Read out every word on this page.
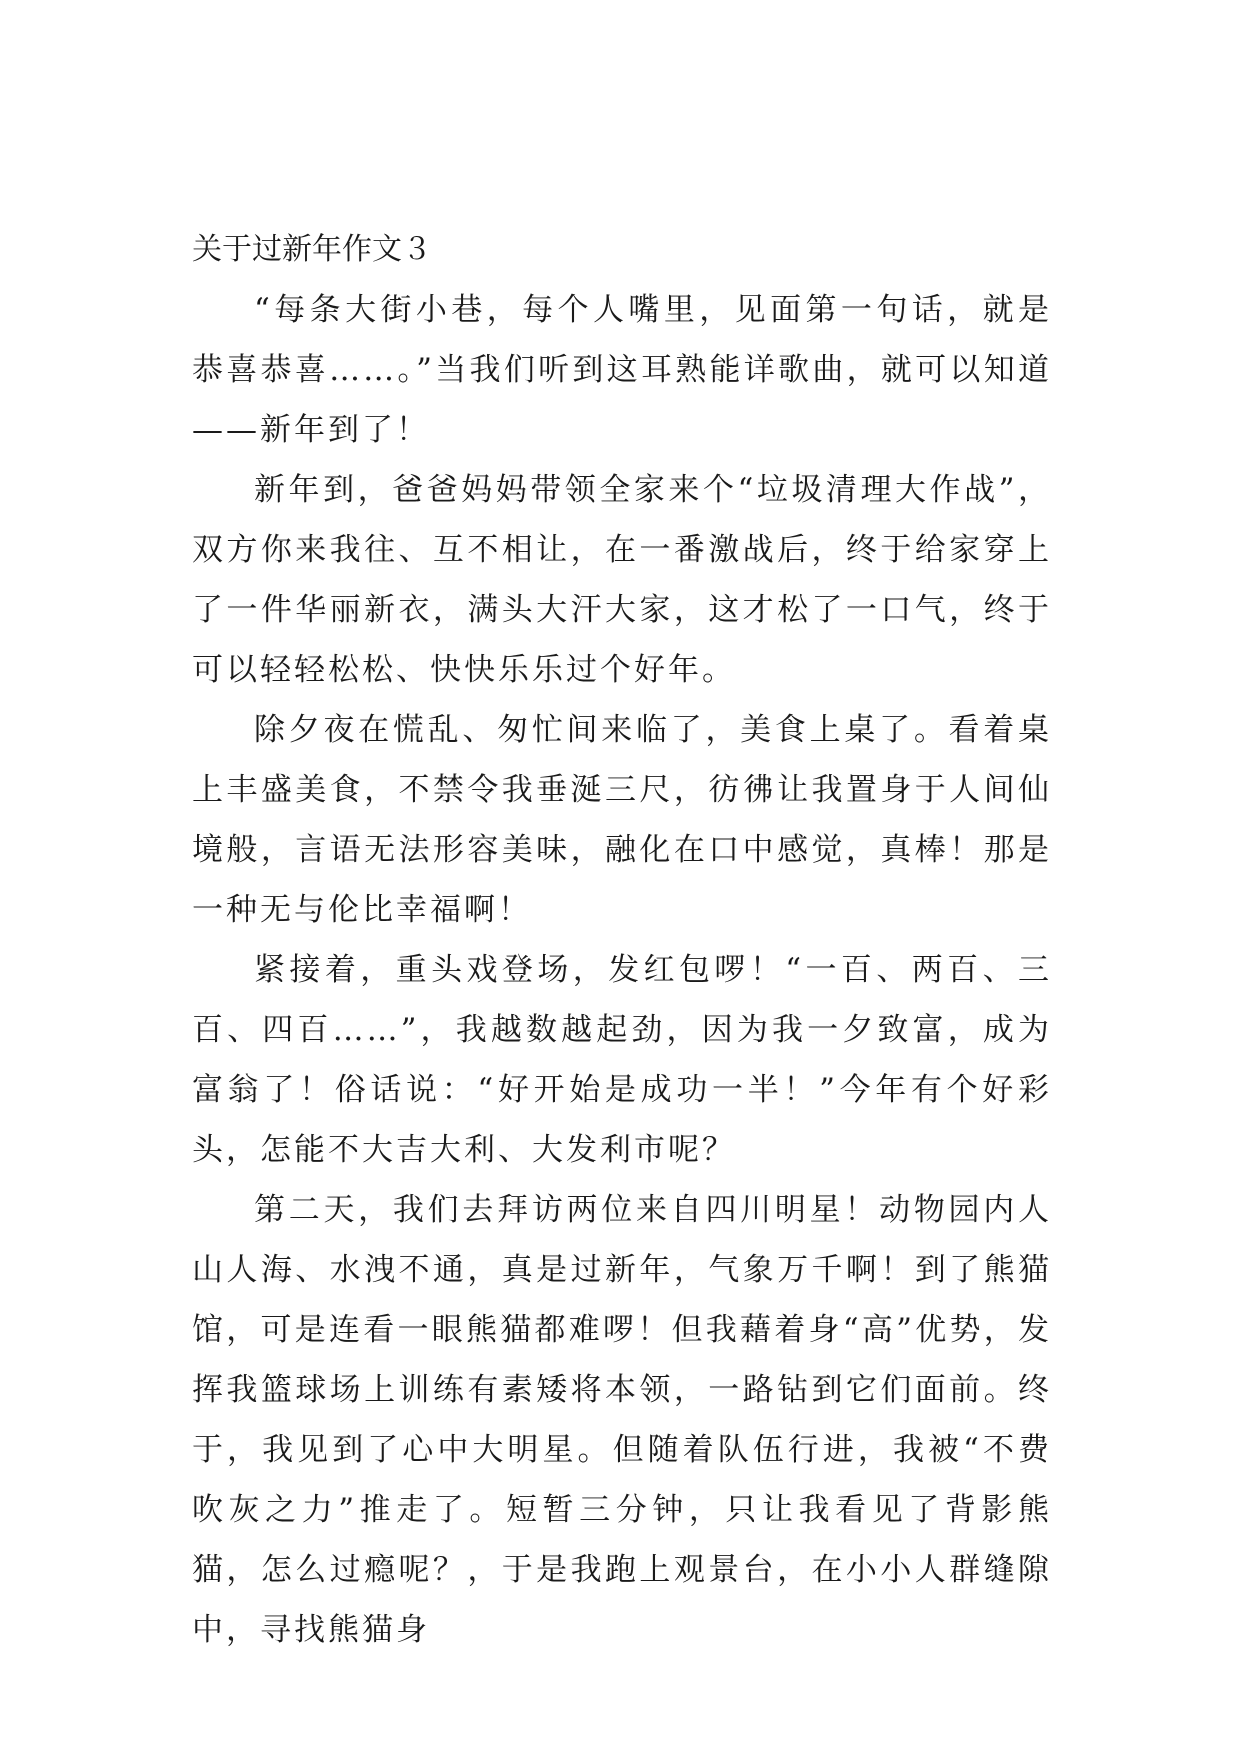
关于过新年作文３

“每条大街小巷，每个人嘴里，见面第一句话，就是恭喜恭喜……。”当我们听到这耳熟能详歌曲，就可以知道——新年到了！

新年到，爸爸妈妈带领全家来个“垃圾清理大作战”，双方你来我往、互不相让，在一番激战后，终于给家穿上了一件华丽新衣，满头大汗大家，这才松了一口气，终于可以轻轻松松、快快乐乐过个好年。

除夕夜在慌乱、匆忙间来临了，美食上桌了。看着桌上丰盛美食，不禁令我垂涎三尺，彷彿让我置身于人间仙境般，言语无法形容美味，融化在口中感觉，真棒！那是一种无与伦比幸福啊！

紧接着，重头戏登场，发红包啰！“一百、两百、三百、四百……”，我越数越起劲，因为我一夕致富，成为富翁了！俗话说：“好开始是成功一半！”今年有个好彩头，怎能不大吉大利、大发利市呢？

第二天，我们去拜访两位来自四川明星！动物园内人山人海、水洩不通，真是过新年，气象万千啊！到了熊猫馆，可是连看一眼熊猫都难啰！但我藉着身“高”优势，发挥我篮球场上训练有素矮将本领，一路钻到它们面前。终于，我见到了心中大明星。但随着队伍行进，我被“不费吹灰之力”推走了。短暂三分钟，只让我看见了背影熊猫，怎么过瘾呢？，于是我跑上观景台，在小小人群缝隙中，寻找熊猫身
